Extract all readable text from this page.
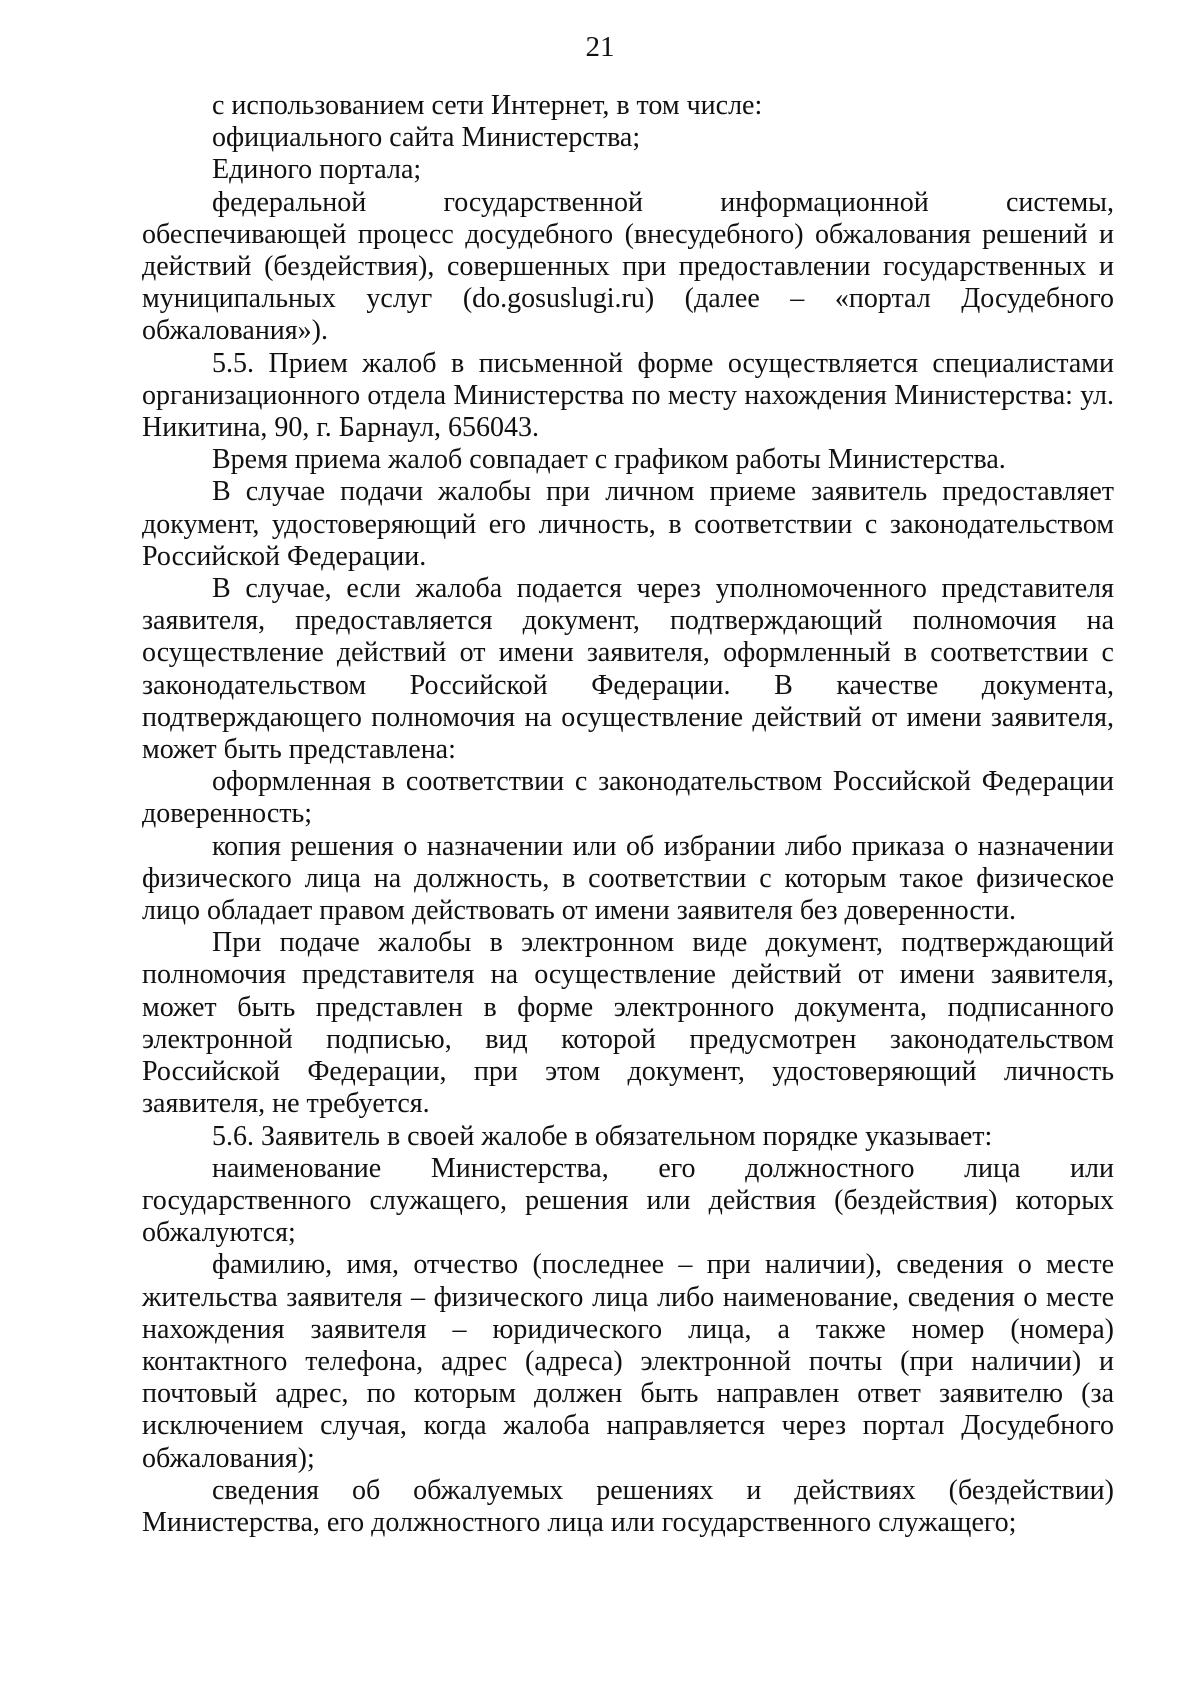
21

с использованием сети Интернет, в том числе:

официального сайта Министерства;

Единого портала;

федеральной государственной информационной системы, обеспечивающей процесс досудебного (внесудебного) обжалования решений и действий (бездействия), совершенных при предоставлении государственных и муниципальных услуг (do.gosuslugi.ru) (далее – «портал Досудебного обжалования»).

5.5. Прием жалоб в письменной форме осуществляется специалистами организационного отдела Министерства по месту нахождения Министерства: ул. Никитина, 90, г. Барнаул, 656043.

Время приема жалоб совпадает с графиком работы Министерства.

В случае подачи жалобы при личном приеме заявитель предоставляет документ, удостоверяющий его личность, в соответствии с законодательством Российской Федерации.

В случае, если жалоба подается через уполномоченного представителя заявителя, предоставляется документ, подтверждающий полномочия на осуществление действий от имени заявителя, оформленный в соответствии с законодательством Российской Федерации. В качестве документа, подтверждающего полномочия на осуществление действий от имени заявителя, может быть представлена:

оформленная в соответствии с законодательством Российской Федерации доверенность;

копия решения о назначении или об избрании либо приказа о назначении физического лица на должность, в соответствии с которым такое физическое лицо обладает правом действовать от имени заявителя без доверенности.

При подаче жалобы в электронном виде документ, подтверждающий полномочия представителя на осуществление действий от имени заявителя, может быть представлен в форме электронного документа, подписанного электронной подписью, вид которой предусмотрен законодательством Российской Федерации, при этом документ, удостоверяющий личность заявителя, не требуется.

5.6. Заявитель в своей жалобе в обязательном порядке указывает:

наименование Министерства, его должностного лица или государственного служащего, решения или действия (бездействия) которых обжалуются;

фамилию, имя, отчество (последнее – при наличии), сведения о месте жительства заявителя – физического лица либо наименование, сведения о месте нахождения заявителя – юридического лица, а также номер (номера) контактного телефона, адрес (адреса) электронной почты (при наличии) и почтовый адрес, по которым должен быть направлен ответ заявителю (за исключением случая, когда жалоба направляется через портал Досудебного обжалования);

сведения об обжалуемых решениях и действиях (бездействии) Министерства, его должностного лица или государственного служащего;
